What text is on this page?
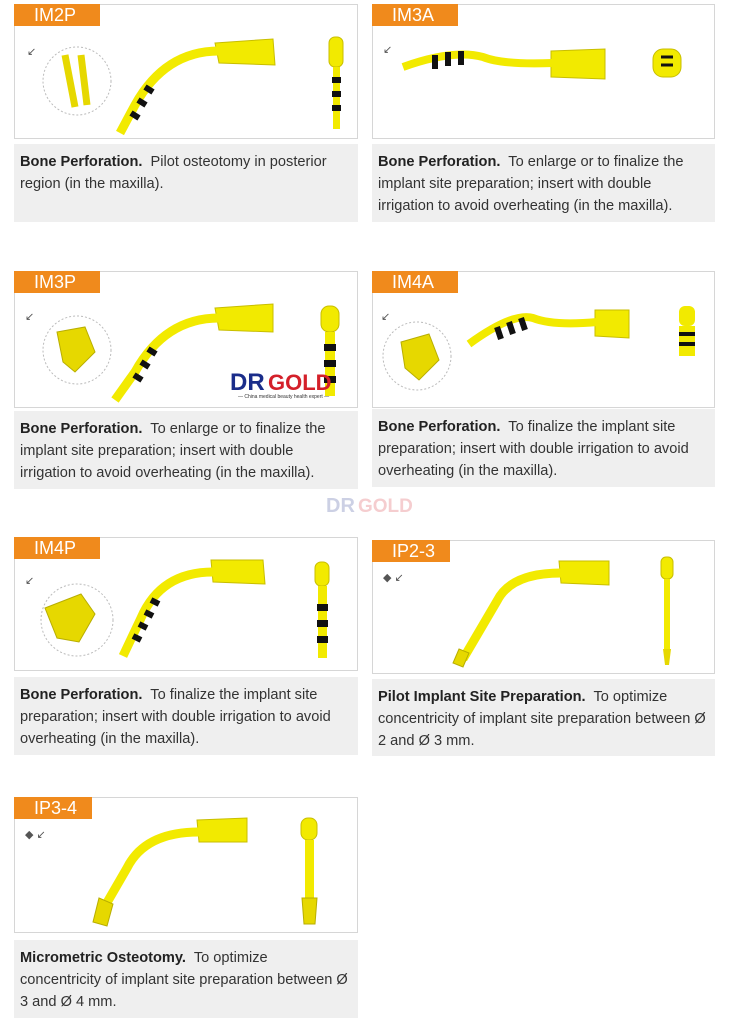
↙
IM2P
Bone Perforation. Pilot osteotomy in posterior region (in the maxilla).
↙
IM3A
Bone Perforation. To enlarge or to finalize the implant site preparation; insert with double irrigation to avoid overheating (in the maxilla).
↙
IM3P
Bone Perforation. To enlarge or to finalize the implant site preparation; insert with double irrigation to avoid overheating (in the maxilla).
↙
IM4A
Bone Perforation. To finalize the implant site preparation; insert with double irrigation to avoid overheating (in the maxilla).
↙
IM4P
Bone Perforation. To finalize the implant site preparation; insert with double irrigation to avoid overheating (in the maxilla).
◆ ↙
IP2-3
Pilot Implant Site Preparation. To optimize concentricity of implant site preparation between Ø 2 and Ø 3 mm.
◆ ↙
IP3-4
Micrometric Osteotomy. To optimize concentricity of implant site preparation between Ø 3 and Ø 4 mm.
DR GOLD
— China medical beauty health expert —
DR GOLD
